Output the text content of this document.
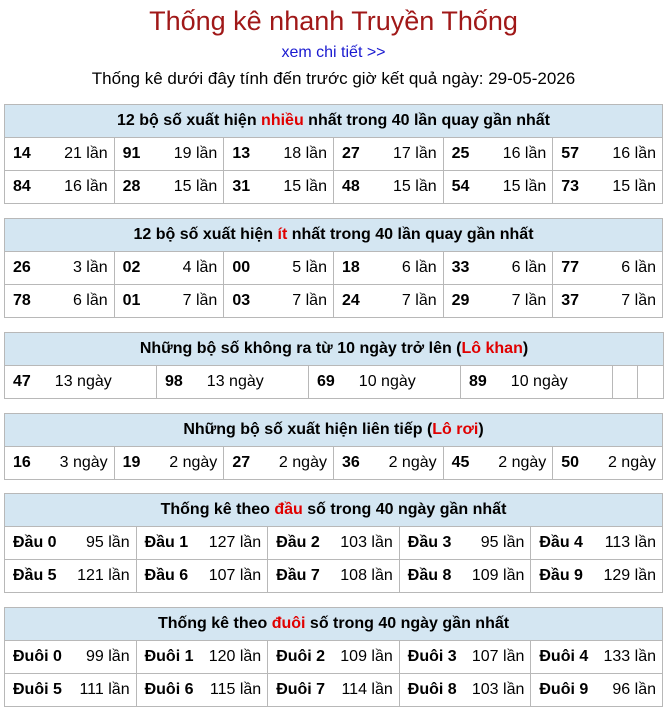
Thống kê nhanh Truyền Thống
xem chi tiết >>
Thống kê dưới đây tính đến trước giờ kết quả ngày: 29-05-2026
12 bộ số xuất hiện nhiều nhất trong 40 lần quay gần nhất					

14 21 lần	91 19 lần	13 18 lần	27 17 lần	25 16 lần	57 16 lần

84 16 lần	28 15 lần	31 15 lần	48 15 lần	54 15 lần	73 15 lần
12 bộ số xuất hiện ít nhất trong 40 lần quay gần nhất					

26 3 lần	02 4 lần	00 5 lần	18 6 lần	33 6 lần	77 6 lần

78 6 lần	01 7 lần	03 7 lần	24 7 lần	29 7 lần	37 7 lần
Những bộ số không ra từ 10 ngày trở lên (Lô khan)

47 13 ngày	98 13 ngày	69 10 ngày	89 10 ngày

Những bộ số xuất hiện liên tiếp (Lô rơi)

16 3 ngày	19 2 ngày	27 2 ngày	36 2 ngày	45 2 ngày	50 2 ngày
Thống kê theo đầu số trong 40 ngày gần nhất				

Đầu 0 95 lần	Đầu 1 127 lần	Đầu 2 103 lần	Đầu 3 95 lần	Đầu 4 113 lần

Đầu 5 121 lần	Đầu 6 107 lần	Đầu 7 108 lần	Đầu 8 109 lần	Đầu 9 129 lần
Thống kê theo đuôi số trong 40 ngày gần nhất				

Đuôi 0 99 lần	Đuôi 1 120 lần	Đuôi 2 109 lần	Đuôi 3 107 lần	Đuôi 4 133 lần

Đuôi 5 111 lần	Đuôi 6 115 lần	Đuôi 7 114 lần	Đuôi 8 103 lần	Đuôi 9 96 lần
